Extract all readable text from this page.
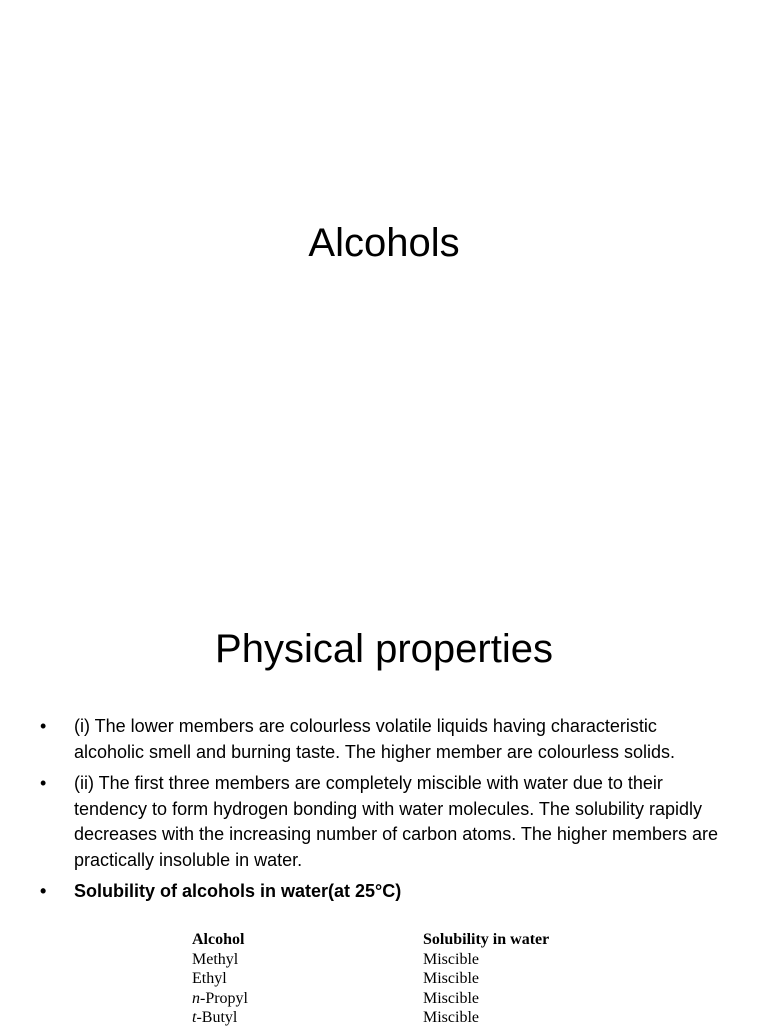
Alcohols
Physical properties
• (i) The lower members are colourless volatile liquids having characteristic alcoholic smell and burning taste. The higher member are colourless solids.
• (ii) The first three members are completely miscible with water due to their tendency to form hydrogen bonding with water molecules. The solubility rapidly decreases with the increasing number of carbon atoms. The higher members are practically insoluble in water.
• Solubility of alcohols in water(at 25°C)
Alcohol	Solubility in water
Methyl	Miscible
Ethyl	Miscible
n-Propyl	Miscible
t-Butyl	Miscible
